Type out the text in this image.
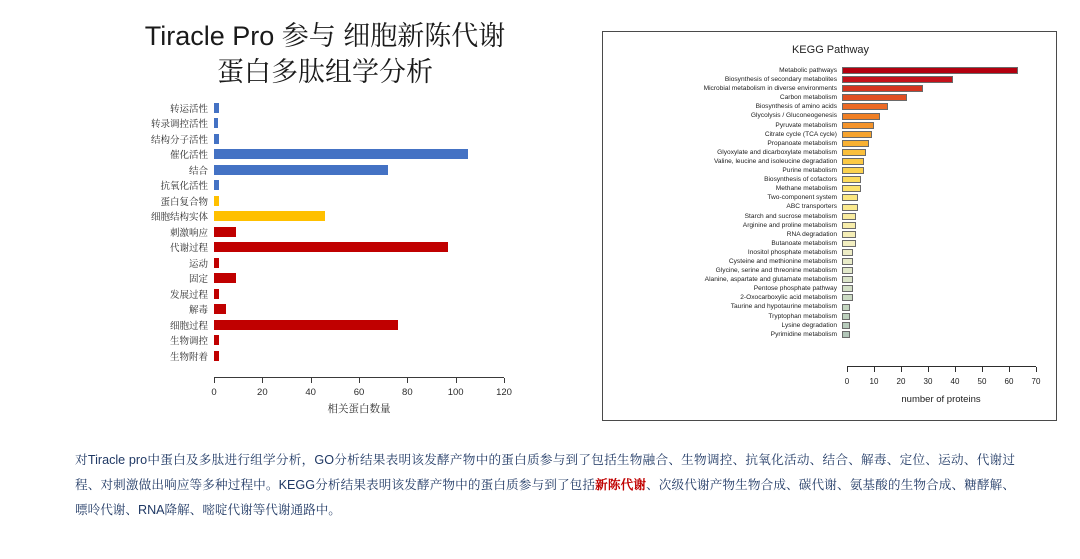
Tiracle Pro 参与 细胞新陈代谢
蛋白多肽组学分析
转运活性
转录调控活性
结构分子活性
催化活性
结合
抗氧化活性
蛋白复合物
细胞结构实体
刺激响应
代谢过程
运动
固定
发展过程
解毒
细胞过程
生物调控
生物附着
相关蛋白数量
0	20	40	60	80	100	120
KEGG Pathway
Metabolic pathways
Biosynthesis of secondary metabolites
Microbial metabolism in diverse environments
Carbon metabolism
Biosynthesis of amino acids
Glycolysis / Gluconeogenesis
Pyruvate metabolism
Citrate cycle (TCA cycle)
Propanoate metabolism
Glyoxylate and dicarboxylate metabolism
Valine, leucine and isoleucine degradation
Purine metabolism
Biosynthesis of cofactors
Methane metabolism
Two-component system
ABC transporters
Starch and sucrose metabolism
Arginine and proline metabolism
RNA degradation
Butanoate metabolism
Inositol phosphate metabolism
Cysteine and methionine metabolism
Glycine, serine and threonine metabolism
Alanine, aspartate and glutamate metabolism
Pentose phosphate pathway
2-Oxocarboxylic acid metabolism
Taurine and hypotaurine metabolism
Tryptophan metabolism
Lysine degradation
Pyrimidine metabolism
number of proteins
0	10 20 30 40 50 60 70
对Tiracle pro中蛋白及多肽进行组学分析，GO分析结果表明该发酵产物中的蛋白质参与到了包括生物融合、生物调控、抗氧化活动、结合、解毒、定位、运动、代谢过程、对刺激做出响应等多种过程中。KEGG分析结果表明该发酵产物中的蛋白质参与到了包括新陈代谢、次级代谢产物生物合成、碳代谢、氨基酸的生物合成、糖酵解、嘌呤代谢、RNA降解、嘧啶代谢等代谢通路中。
